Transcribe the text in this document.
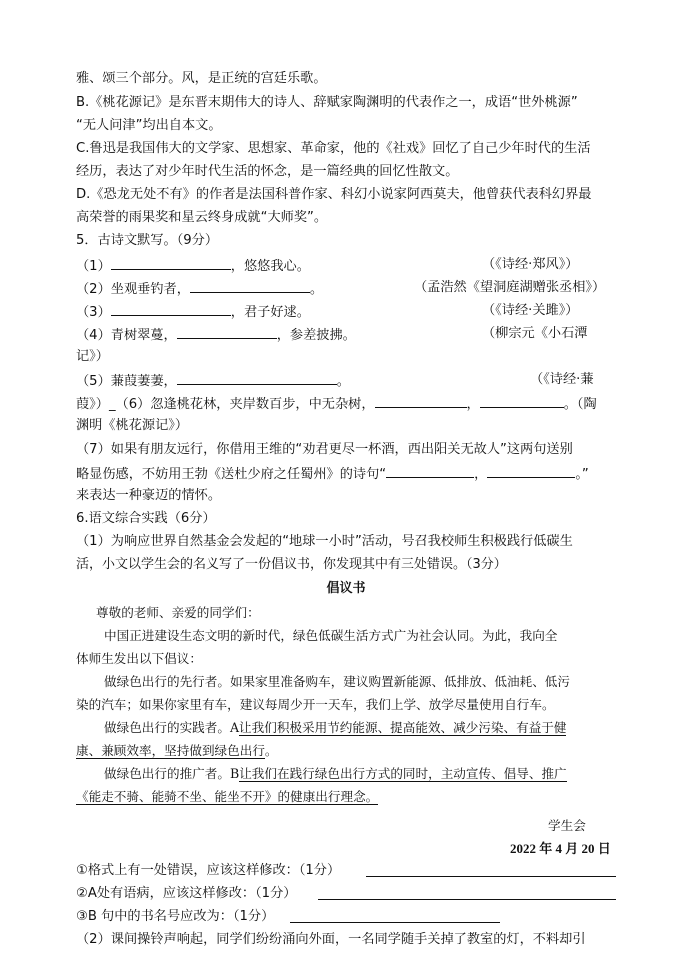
雅、颂三个部分。风，是正统的宫廷乐歌。
B.《桃花源记》是东晋末期伟大的诗人、辞赋家陶渊明的代表作之一，成语“世外桃源”
“无人问津”均出自本文。
C.鲁迅是我国伟大的文学家、思想家、革命家，他的《社戏》回忆了自己少年时代的生活
经历，表达了对少年时代生活的怀念，是一篇经典的回忆性散文。
D.《恐龙无处不有》的作者是法国科普作家、科幻小说家阿西莫夫，他曾获代表科幻界最
高荣誉的雨果奖和星云终身成就“大师奖”。
5．古诗文默写。（9分）
（1）	，悠悠我心。	（《诗经·郑风》）
（2）坐观垂钓者，	。	（孟浩然《望洞庭湖赠张丞相》）
（3）	，君子好逑。	（《诗经·关雎》）
（4）青树翠蔓，	，参差披拂。	（柳宗元《小石潭
记》）
（5）蒹葭萋萋，	。	（《诗经·蒹
葭》）_（6）忽逢桃花林，夹岸数百步，中无杂树，	，	。（陶
渊明《桃花源记》）
（7）如果有朋友远行，你借用王维的“劝君更尽一杯酒，西出阳关无故人”这两句送别
略显伤感，不妨用王勃《送杜少府之任蜀州》的诗句“	，	。”
来表达一种豪迈的情怀。
6.语文综合实践（6分）
（1）为响应世界自然基金会发起的“地球一小时”活动，号召我校师生积极践行低碳生
活，小文以学生会的名义写了一份倡议书，你发现其中有三处错误。（3分）
倡议书
尊敬的老师、亲爱的同学们：
中国正进建设生态文明的新时代，绿色低碳生活方式广为社会认同。为此，我向全
体师生发出以下倡议：
做绿色出行的先行者。如果家里准备购车，建议购置新能源、低排放、低油耗、低污
染的汽车；如果你家里有车，建议每周少开一天车，我们上学、放学尽量使用自行车。
做绿色出行的实践者。A让我们积极采用节约能源、提高能效、减少污染、有益于健
康、兼顾效率，坚持做到绿色出行。
做绿色出行的推广者。B让我们在践行绿色出行方式的同时，主动宣传、倡导、推广
《能走不骑、能骑不坐、能坐不开》的健康出行理念。
学生会
2022 年 4 月 20 日
①格式上有一处错误，应该这样修改：（1分）
②A处有语病，应该这样修改：（1分）
③B 句中的书名号应改为：（1分）
（2）课间操铃声响起，同学们纷纷涌向外面，一名同学随手关掉了教室的灯，不料却引
